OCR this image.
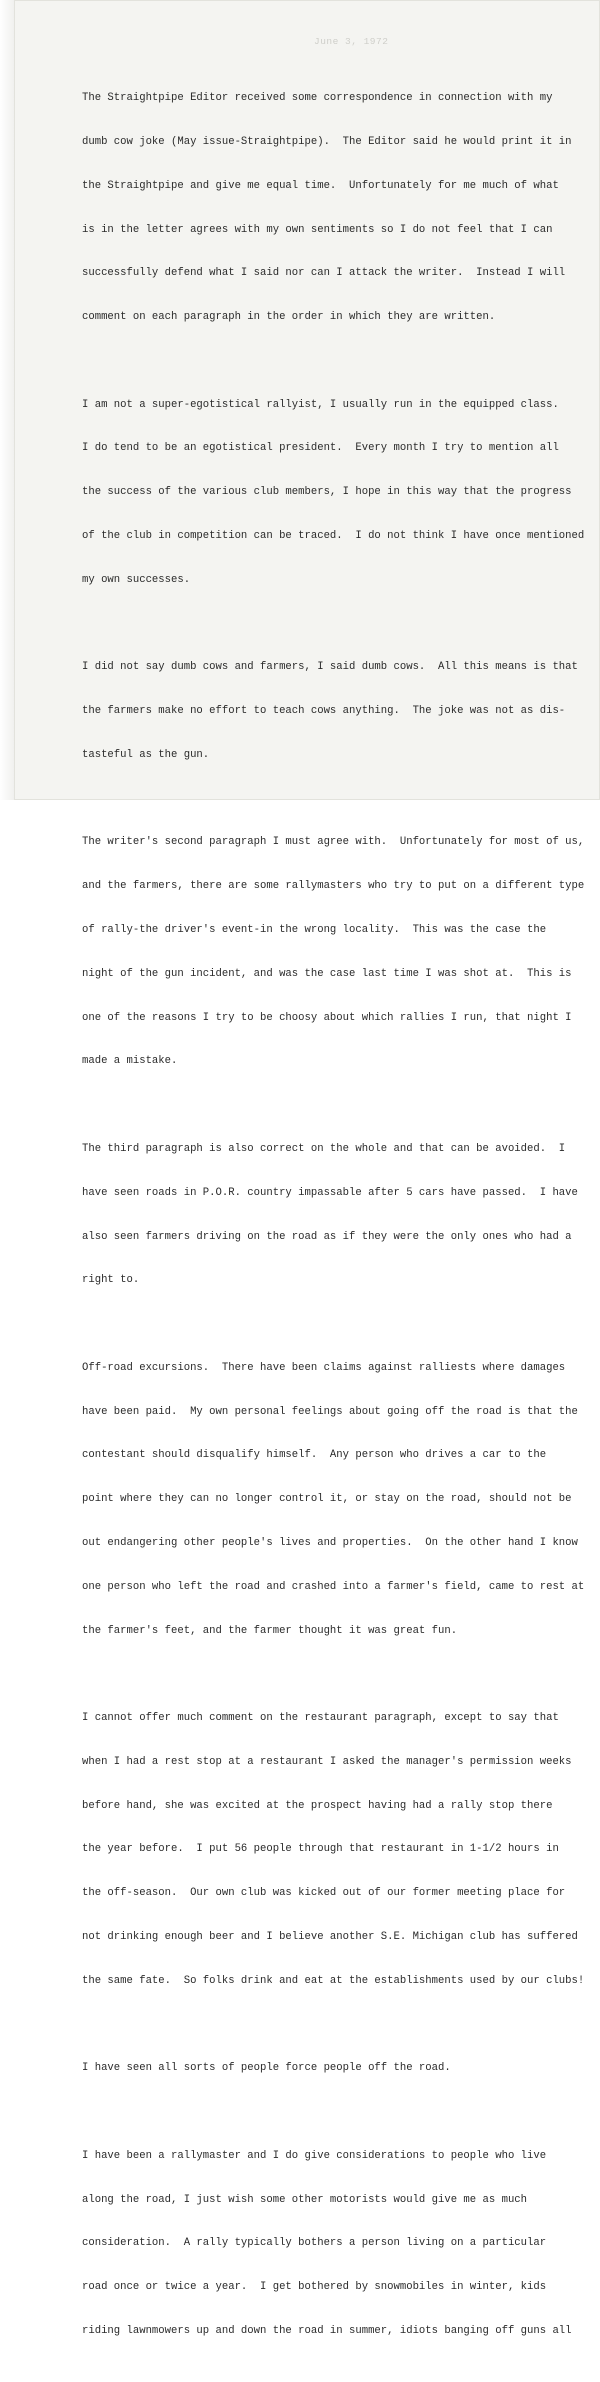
June 3, 1972

The Straightpipe Editor received some correspondence in connection with my

dumb cow joke (May issue-Straightpipe).  The Editor said he would print it in

the Straightpipe and give me equal time.  Unfortunately for me much of what

is in the letter agrees with my own sentiments so I do not feel that I can

successfully defend what I said nor can I attack the writer.  Instead I will

comment on each paragraph in the order in which they are written.

I am not a super-egotistical rallyist, I usually run in the equipped class.

I do tend to be an egotistical president.  Every month I try to mention all

the success of the various club members, I hope in this way that the progress

of the club in competition can be traced.  I do not think I have once mentioned

my own successes.

I did not say dumb cows and farmers, I said dumb cows.  All this means is that

the farmers make no effort to teach cows anything.  The joke was not as dis-

tasteful as the gun.

The writer's second paragraph I must agree with.  Unfortunately for most of us,

and the farmers, there are some rallymasters who try to put on a different type

of rally-the driver's event-in the wrong locality.  This was the case the

night of the gun incident, and was the case last time I was shot at.  This is

one of the reasons I try to be choosy about which rallies I run, that night I

made a mistake.

The third paragraph is also correct on the whole and that can be avoided.  I

have seen roads in P.O.R. country impassable after 5 cars have passed.  I have

also seen farmers driving on the road as if they were the only ones who had a

right to.

Off-road excursions.  There have been claims against ralliests where damages

have been paid.  My own personal feelings about going off the road is that the

contestant should disqualify himself.  Any person who drives a car to the

point where they can no longer control it, or stay on the road, should not be

out endangering other people's lives and properties.  On the other hand I know

one person who left the road and crashed into a farmer's field, came to rest at

the farmer's feet, and the farmer thought it was great fun.

I cannot offer much comment on the restaurant paragraph, except to say that

when I had a rest stop at a restaurant I asked the manager's permission weeks

before hand, she was excited at the prospect having had a rally stop there

the year before.  I put 56 people through that restaurant in 1-1/2 hours in

the off-season.  Our own club was kicked out of our former meeting place for

not drinking enough beer and I believe another S.E. Michigan club has suffered

the same fate.  So folks drink and eat at the establishments used by our clubs!

I have seen all sorts of people force people off the road.

I have been a rallymaster and I do give considerations to people who live

along the road, I just wish some other motorists would give me as much

consideration.  A rally typically bothers a person living on a particular

road once or twice a year.  I get bothered by snowmobiles in winter, kids

riding lawnmowers up and down the road in summer, idiots banging off guns all
